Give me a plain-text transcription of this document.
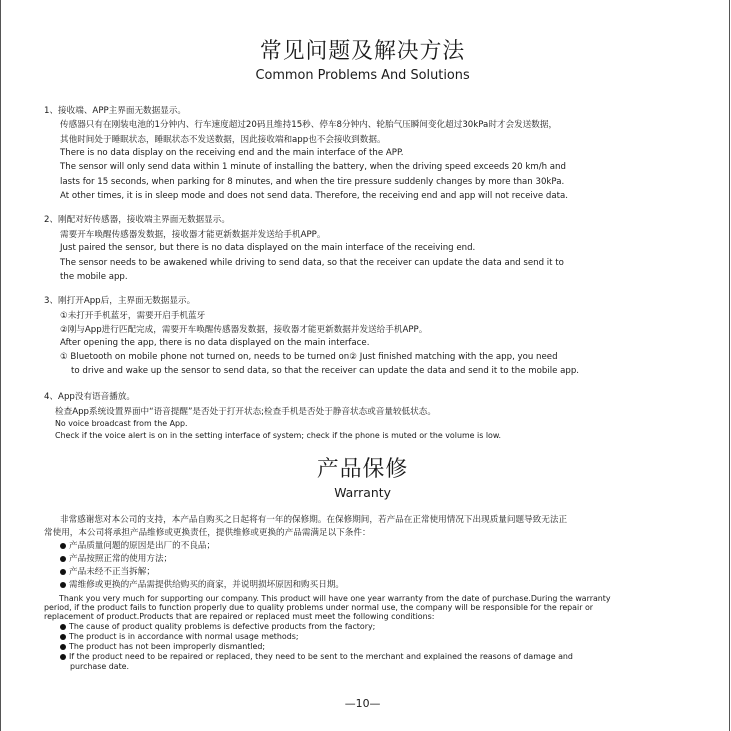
常见问题及解决方法
Common Problems And Solutions
1、接收端、APP主界面无数据显示。
传感器只有在刚装电池的1分钟内、行车速度超过20码且维持15秒、停车8分钟内、轮胎气压瞬间变化超过30kPa时才会发送数据，
其他时间处于睡眠状态，睡眠状态不发送数据，因此接收端和app也不会接收到数据。
There is no data display on the receiving end and the main interface of the APP.
The sensor will only send data within 1 minute of installing the battery, when the driving speed exceeds 20 km/h and
lasts for 15 seconds, when parking for 8 minutes, and when the tire pressure suddenly changes by more than 30kPa.
At other times, it is in sleep mode and does not send data. Therefore, the receiving end and app will not receive data.
2、刚配对好传感器，接收端主界面无数据显示。
需要开车唤醒传感器发数据，接收器才能更新数据并发送给手机APP。
Just paired the sensor, but there is no data displayed on the main interface of the receiving end.
The sensor needs to be awakened while driving to send data, so that the receiver can update the data and send it to
the mobile app.
3、刚打开App后，主界面无数据显示。
①未打开手机蓝牙，需要开启手机蓝牙
②刚与App进行匹配完成，需要开车唤醒传感器发数据，接收器才能更新数据并发送给手机APP。
After opening the app, there is no data displayed on the main interface.
① Bluetooth on mobile phone not turned on, needs to be turned on② Just finished matching with the app, you need
to drive and wake up the sensor to send data, so that the receiver can update the data and send it to the mobile app.
4、App没有语音播放。
检查App系统设置界面中“语音提醒”是否处于打开状态;检查手机是否处于静音状态或音量较低状态。
No voice broadcast from the App.
Check if the voice alert is on in the setting interface of system; check if the phone is muted or the volume is low.
产品保修
Warranty
非常感谢您对本公司的支持，本产品自购买之日起将有一年的保修期。在保修期间，若产品在正常使用情况下出现质量问题导致无法正
常使用，本公司将承担产品维修或更换责任，提供维修或更换的产品需满足以下条件：
产品质量问题的原因是出厂的不良品；
产品按照正常的使用方法；
产品未经不正当拆解；
需维修或更换的产品需提供给购买的商家，并说明损坏原因和购买日期。
Thank you very much for supporting our company. This product will have one year warranty from the date of purchase.During the warranty
period, if the product fails to function properly due to quality problems under normal use, the company will be responsible for the repair or
replacement of product.Products that are repaired or replaced must meet the following conditions:
The cause of product quality problems is defective products from the factory;
The product is in accordance with normal usage methods;
The product has not been improperly dismantled;
If the product need to be repaired or replaced, they need to be sent to the merchant and explained the reasons of damage and
purchase date.
—10—
